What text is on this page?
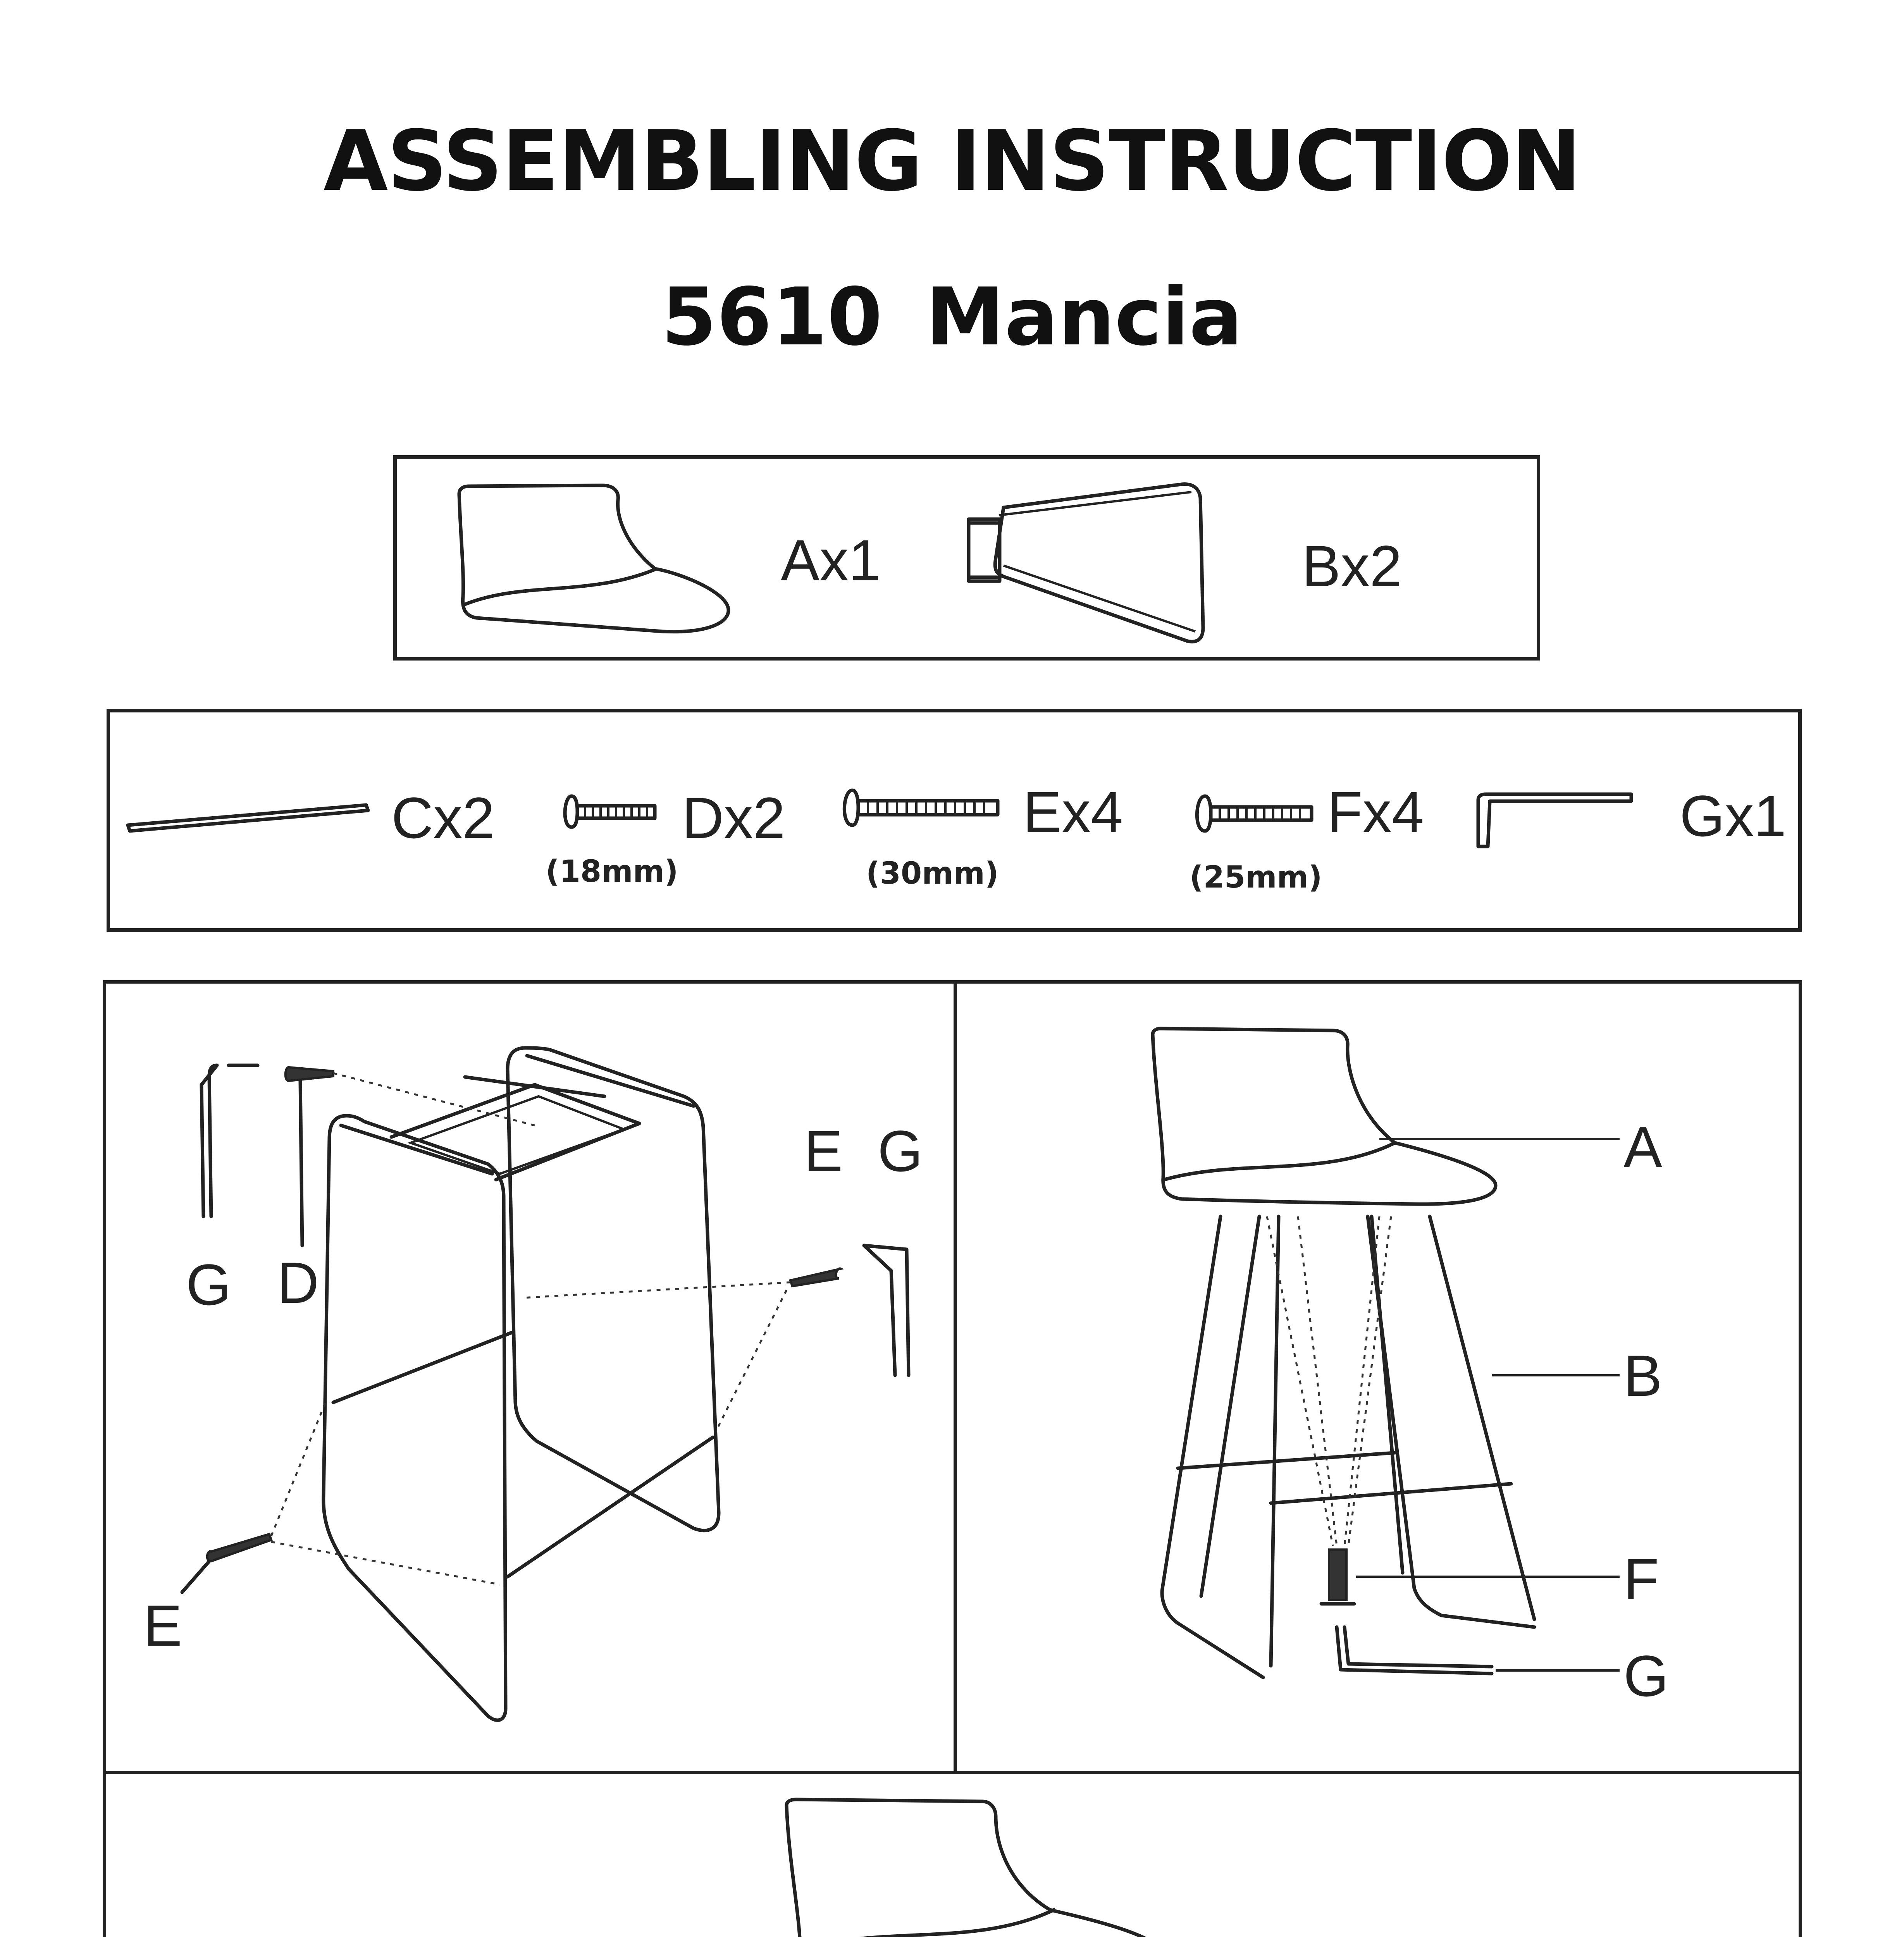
ASSEMBLING INSTRUCTION
5610 Mancia
Ax1	Bx2
Cx2	Dx2
(18mm)
Ex4
(30mm)
Fx4
(25mm)
Gx1
G D
E G
E
A
B
F
G
